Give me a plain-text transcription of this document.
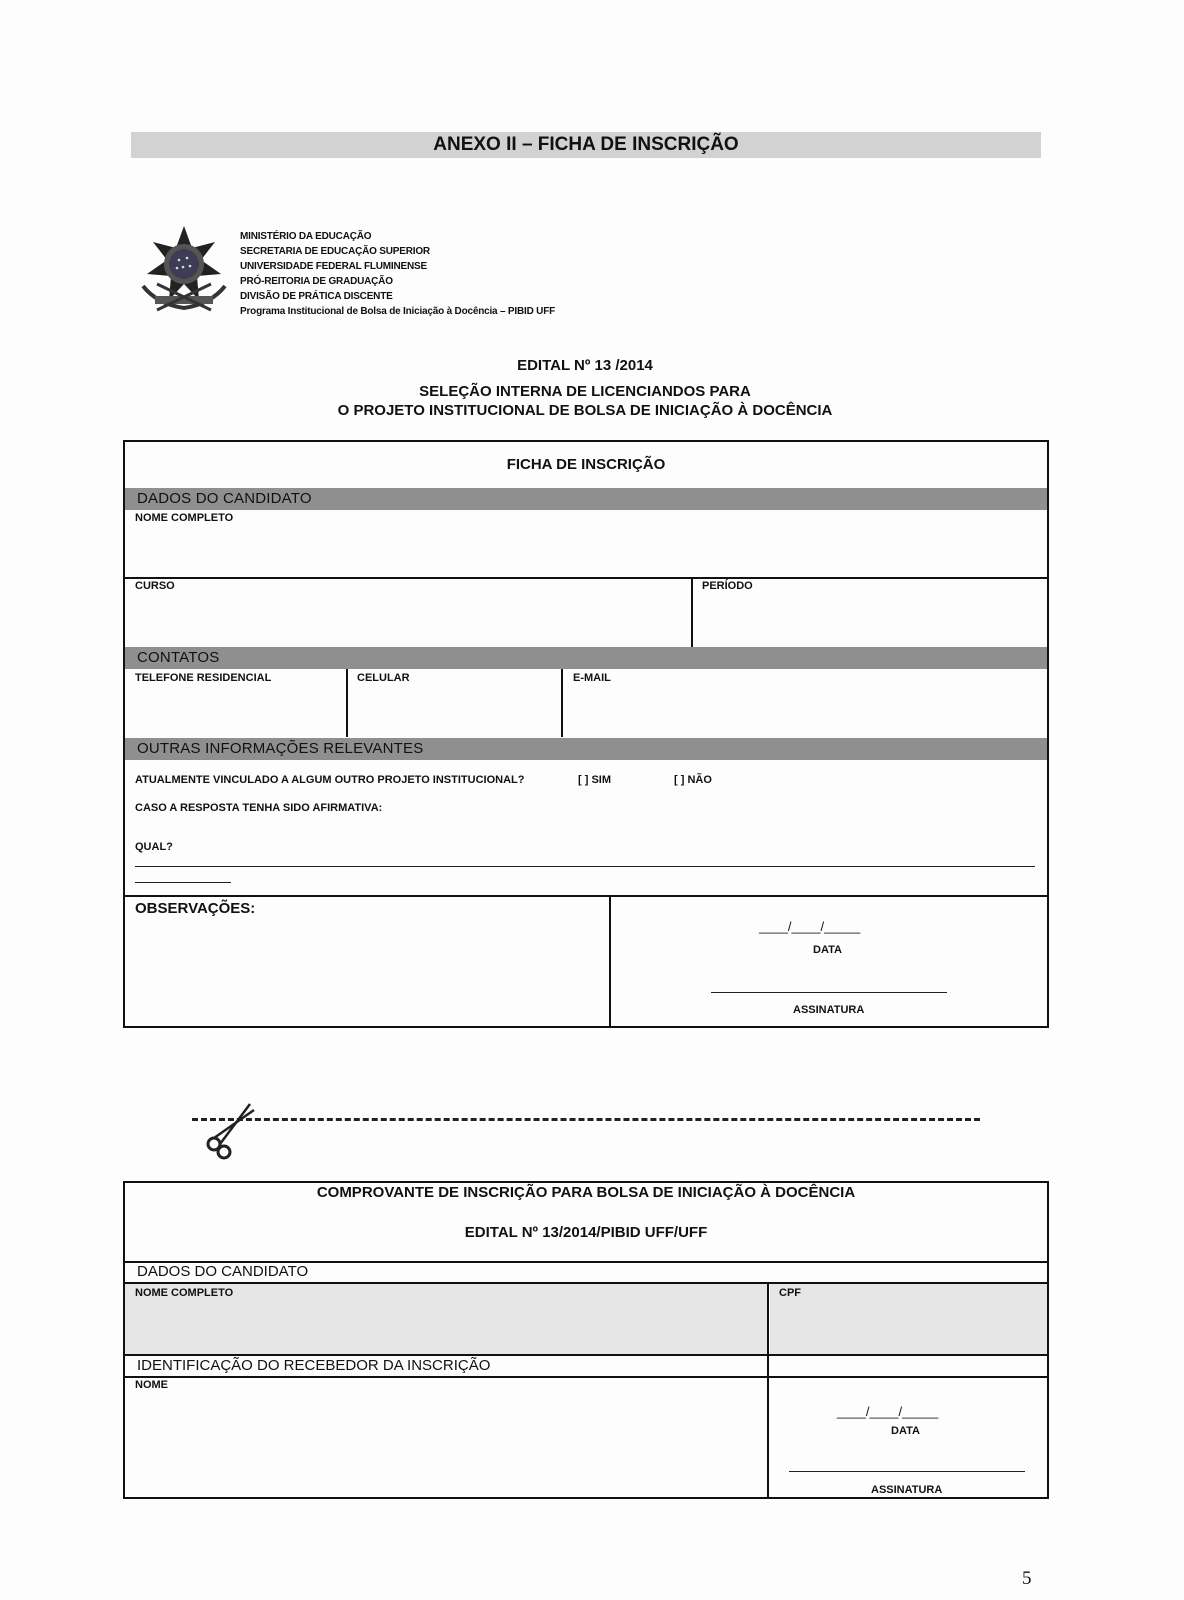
ANEXO II – FICHA DE INSCRIÇÃO
MINISTÉRIO DA EDUCAÇÃO
SECRETARIA DE EDUCAÇÃO SUPERIOR
UNIVERSIDADE FEDERAL FLUMINENSE
PRÓ-REITORIA DE GRADUAÇÃO
DIVISÃO DE PRÁTICA DISCENTE
Programa Institucional de Bolsa de Iniciação à Docência – PIBID UFF
EDITAL Nº 13 /2014
SELEÇÃO INTERNA DE LICENCIANDOS PARA
O PROJETO INSTITUCIONAL DE BOLSA DE INICIAÇÃO À DOCÊNCIA
FICHA DE INSCRIÇÃO
DADOS DO CANDIDATO
NOME COMPLETO
CURSO	PERÍODO
CONTATOS
TELEFONE RESIDENCIAL	CELULAR	E-MAIL
OUTRAS INFORMAÇÕES RELEVANTES
ATUALMENTE VINCULADO A ALGUM OUTRO PROJETO INSTITUCIONAL?	[ ] SIM	[ ] NÃO
CASO A RESPOSTA TENHA SIDO AFIRMATIVA:
QUAL?
OBSERVAÇÕES:
____/____/_____
DATA
ASSINATURA
COMPROVANTE DE INSCRIÇÃO PARA BOLSA DE INICIAÇÃO À DOCÊNCIA
EDITAL Nº 13/2014/PIBID UFF/UFF
DADOS DO CANDIDATO
NOME COMPLETO	CPF
IDENTIFICAÇÃO DO RECEBEDOR DA INSCRIÇÃO
NOME
____/____/_____
DATA
ASSINATURA
5
